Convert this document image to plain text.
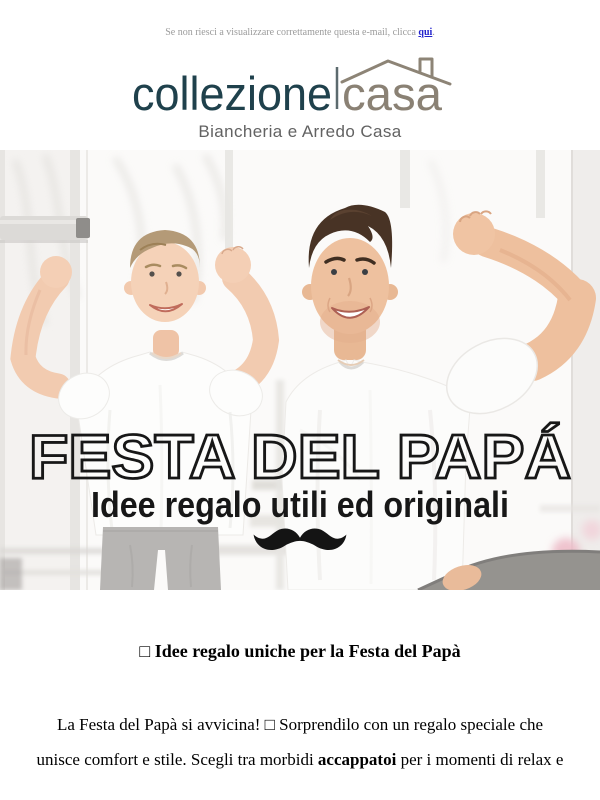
Se non riesci a visualizzare correttamente questa e-mail, clicca qui.
collezione casa
Biancheria e Arredo Casa
FESTA DEL PAPÁ
Idee regalo utili ed originali
□ Idee regalo uniche per la Festa del Papà

La Festa del Papà si avvicina! □ Sorprendilo con un regalo speciale che
unisce comfort e stile. Scegli tra morbidi accappatoi per i momenti di relax e
